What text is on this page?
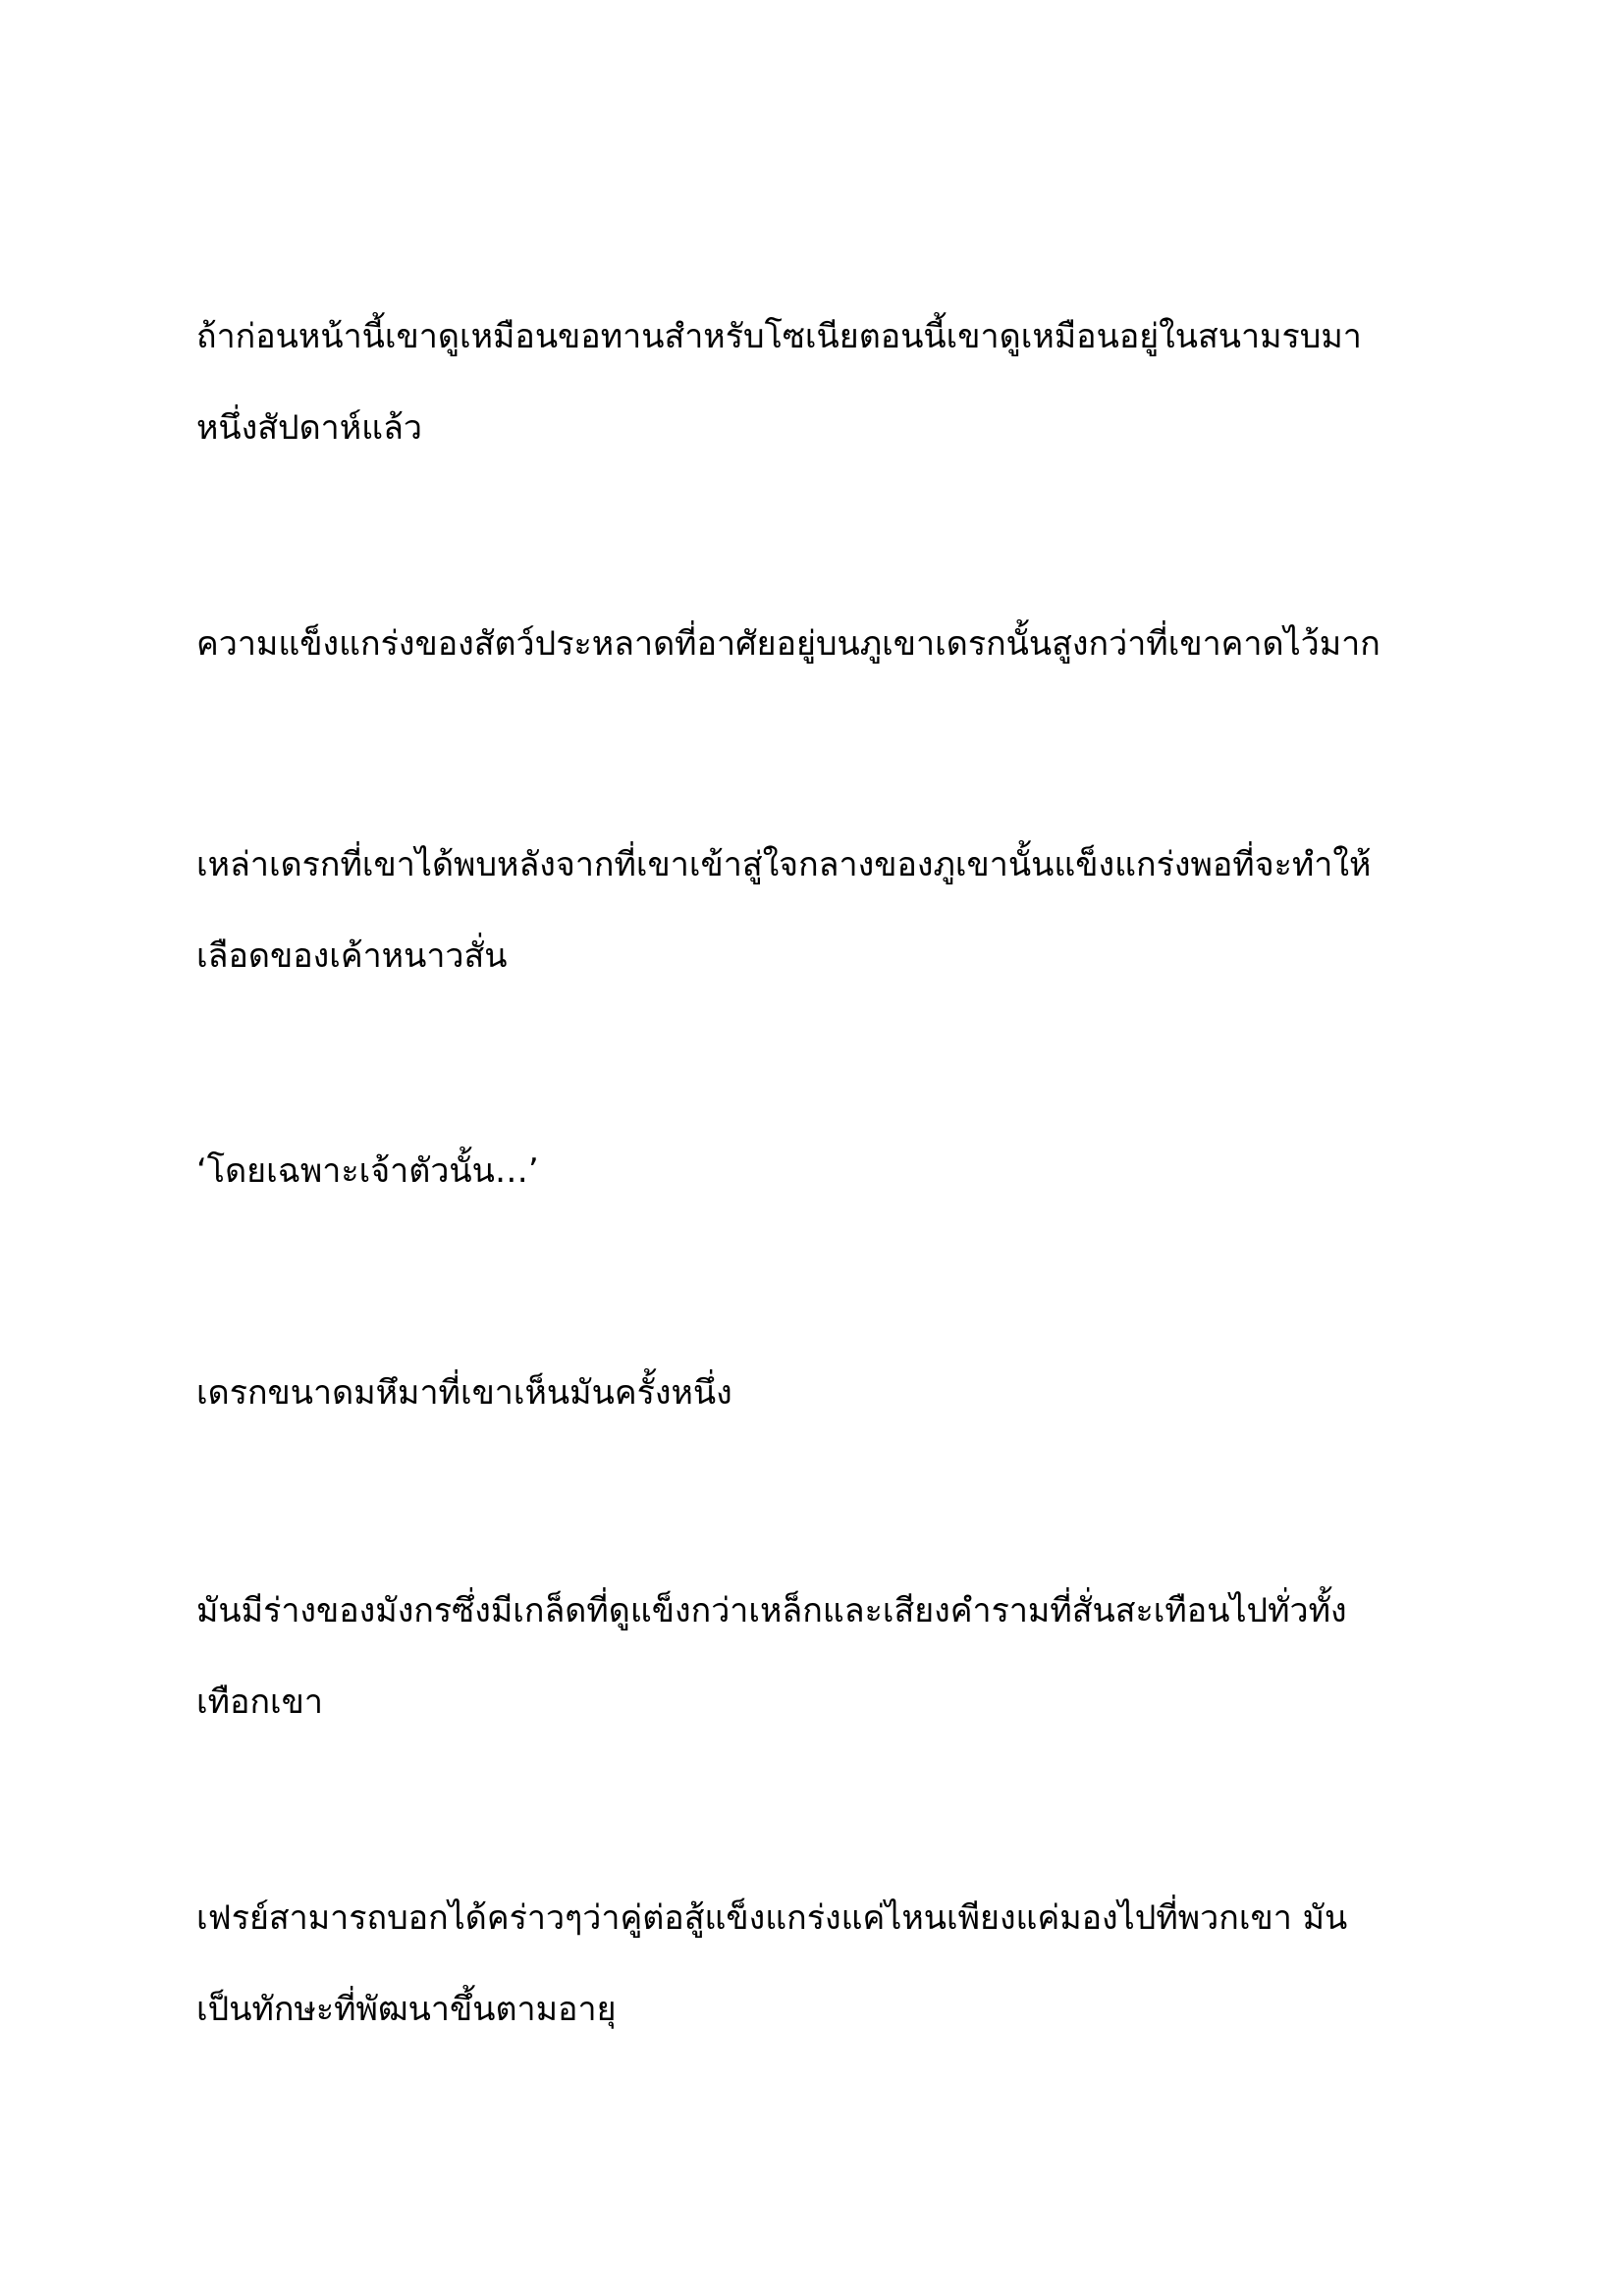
ถ้าก่อนหน้านี้เขาดูเหมือนขอทานสำหรับโซเนียตอนนี้เขาดูเหมือนอยู่ในสนามรบมา
หนึ่งสัปดาห์แล้ว

ความแข็งแกร่งของสัตว์ประหลาดที่อาศัยอยู่บนภูเขาเดรกนั้นสูงกว่าที่เขาคาดไว้มาก

เหล่าเดรกที่เขาได้พบหลังจากที่เขาเข้าสู่ใจกลางของภูเขานั้นแข็งแกร่งพอที่จะทำให้
เลือดของเค้าหนาวสั่น

‘โดยเฉพาะเจ้าตัวนั้น…’

เดรกขนาดมหึมาที่เขาเห็นมันครั้งหนึ่ง

มันมีร่างของมังกรซึ่งมีเกล็ดที่ดูแข็งกว่าเหล็กและเสียงคำรามที่สั่นสะเทือนไปทั่วทั้ง
เทือกเขา

เฟรย์สามารถบอกได้คร่าวๆว่าคู่ต่อสู้แข็งแกร่งแค่ไหนเพียงแค่มองไปที่พวกเขา มัน
เป็นทักษะที่พัฒนาขึ้นตามอายุ
